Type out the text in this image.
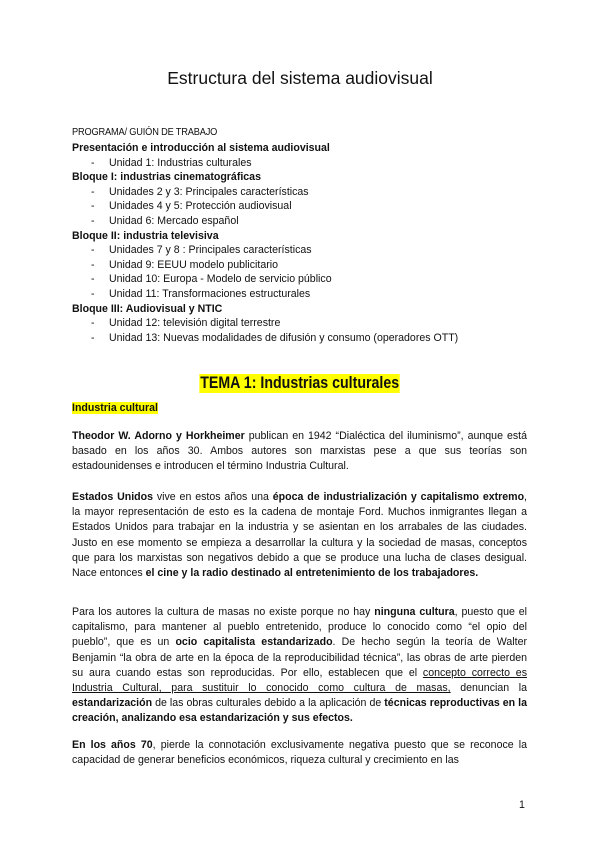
Estructura del sistema audiovisual
PROGRAMA/ GUIÓN DE TRABAJO
Presentación e introducción al sistema audiovisual
- Unidad 1: Industrias culturales
Bloque I: industrias cinematográficas
- Unidades 2 y 3: Principales características
- Unidades 4 y 5: Protección audiovisual
- Unidad 6: Mercado español
Bloque II: industria televisiva
- Unidades 7 y 8 : Principales características
- Unidad 9: EEUU modelo publicitario
- Unidad 10: Europa - Modelo de servicio público
- Unidad 11: Transformaciones estructurales
Bloque III: Audiovisual y NTIC
- Unidad 12: televisión digital terrestre
- Unidad 13: Nuevas modalidades de difusión y consumo (operadores OTT)
TEMA 1: Industrias culturales
Industria cultural
Theodor W. Adorno y Horkheimer publican en 1942 “Dialéctica del iluminismo”, aunque está basado en los años 30. Ambos autores son marxistas pese a que sus teorías son estadounidenses e introducen el término Industria Cultural.
Estados Unidos vive en estos años una época de industrialización y capitalismo extremo, la mayor representación de esto es la cadena de montaje Ford. Muchos inmigrantes llegan a Estados Unidos para trabajar en la industria y se asientan en los arrabales de las ciudades. Justo en ese momento se empieza a desarrollar la cultura y la sociedad de masas, conceptos que para los marxistas son negativos debido a que se produce una lucha de clases desigual. Nace entonces el cine y la radio destinado al entretenimiento de los trabajadores.
Para los autores la cultura de masas no existe porque no hay ninguna cultura, puesto que el capitalismo, para mantener al pueblo entretenido, produce lo conocido como “el opio del pueblo”, que es un ocio capitalista estandarizado. De hecho según la teoría de Walter Benjamin “la obra de arte en la época de la reproducibilidad técnica”, las obras de arte pierden su aura cuando estas son reproducidas. Por ello, establecen que el concepto correcto es Industria Cultural, para sustituir lo conocido como cultura de masas, denuncian la estandarización de las obras culturales debido a la aplicación de técnicas reproductivas en la creación, analizando esa estandarización y sus efectos.
En los años 70, pierde la connotación exclusivamente negativa puesto que se reconoce la capacidad de generar beneficios económicos, riqueza cultural y crecimiento en las
1
